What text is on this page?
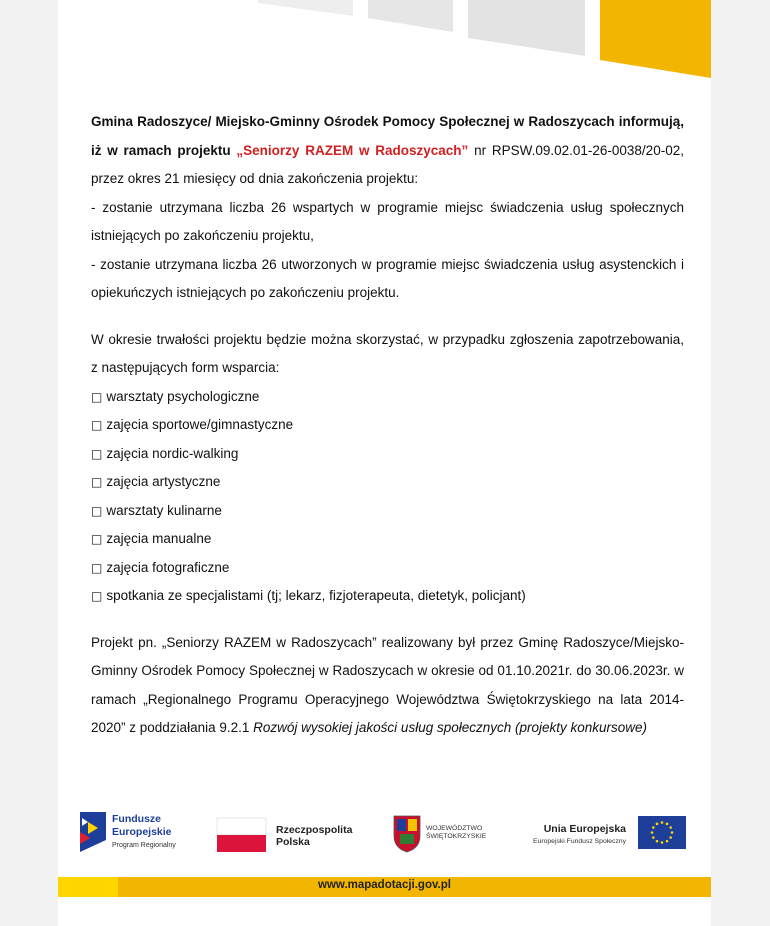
Gmina Radoszyce/ Miejsko-Gminny Ośrodek Pomocy Społecznej w Radoszycach informują, iż w ramach projektu „Seniorzy RAZEM w Radoszycach” nr RPSW.09.02.01-26-0038/20-02, przez okres 21 miesięcy od dnia zakończenia projektu:

- zostanie utrzymana liczba 26 wspartych w programie miejsc świadczenia usług społecznych istniejących po zakończeniu projektu,

- zostanie utrzymana liczba 26 utworzonych w programie miejsc świadczenia usług asystenckich i opiekuńczych istniejących po zakończeniu projektu.

W okresie trwałości projektu będzie można skorzystać, w przypadku zgłoszenia zapotrzebowania, z następujących form wsparcia:

□ warsztaty psychologiczne
□ zajęcia sportowe/gimnastyczne
□ zajęcia nordic-walking
□ zajęcia artystyczne
□ warsztaty kulinarne
□ zajęcia manualne
□ zajęcia fotograficzne
□ spotkania ze specjalistami (tj; lekarz, fizjoterapeuta, dietetyk, policjant)

Projekt pn. „Seniorzy RAZEM w Radoszycach” realizowany był przez Gminę Radoszyce/Miejsko-Gminny Ośrodek Pomocy Społecznej w Radoszycach w okresie od 01.10.2021r. do 30.06.2023r. w ramach „Regionalnego Programu Operacyjnego Województwa Świętokrzyskiego na lata 2014-2020” z poddziałania 9.2.1 Rozwój wysokiej jakości usług społecznych (projekty konkursowe)

Fundusze
Europejskie
Program Regionalny
Rzeczpospolita
Polska
WOJEWÓDZTWO
ŚWIĘTOKRZYSKIE
Unia Europejska
Europejski Fundusz Społeczny
www.mapadotacji.gov.pl
